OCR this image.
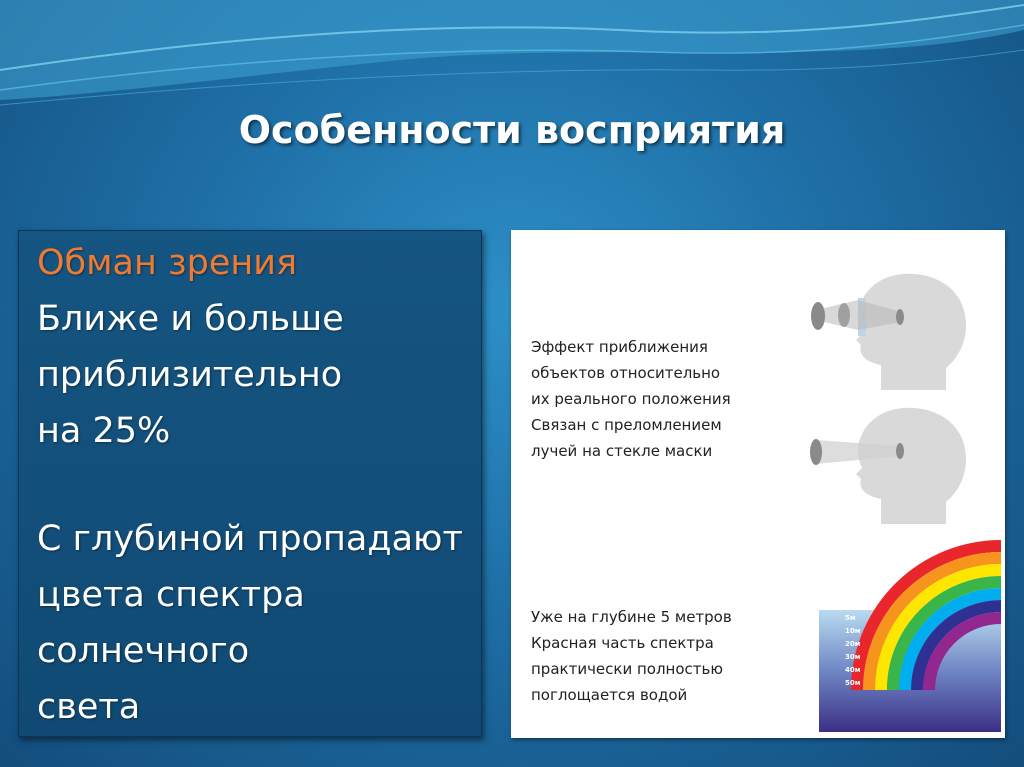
Особенности восприятия
Обман зрения
Ближе и больше
приблизительно
на 25%
С глубиной пропадают
цвета спектра
солнечного
света
Эффект приближения
объектов относительно
их реального положения
Связан с преломлением
лучей на стекле маски
Уже на глубине 5 метров
Красная часть спектра
практически полностью
поглощается водой
5м
10м
20м
30м
40м
50м
